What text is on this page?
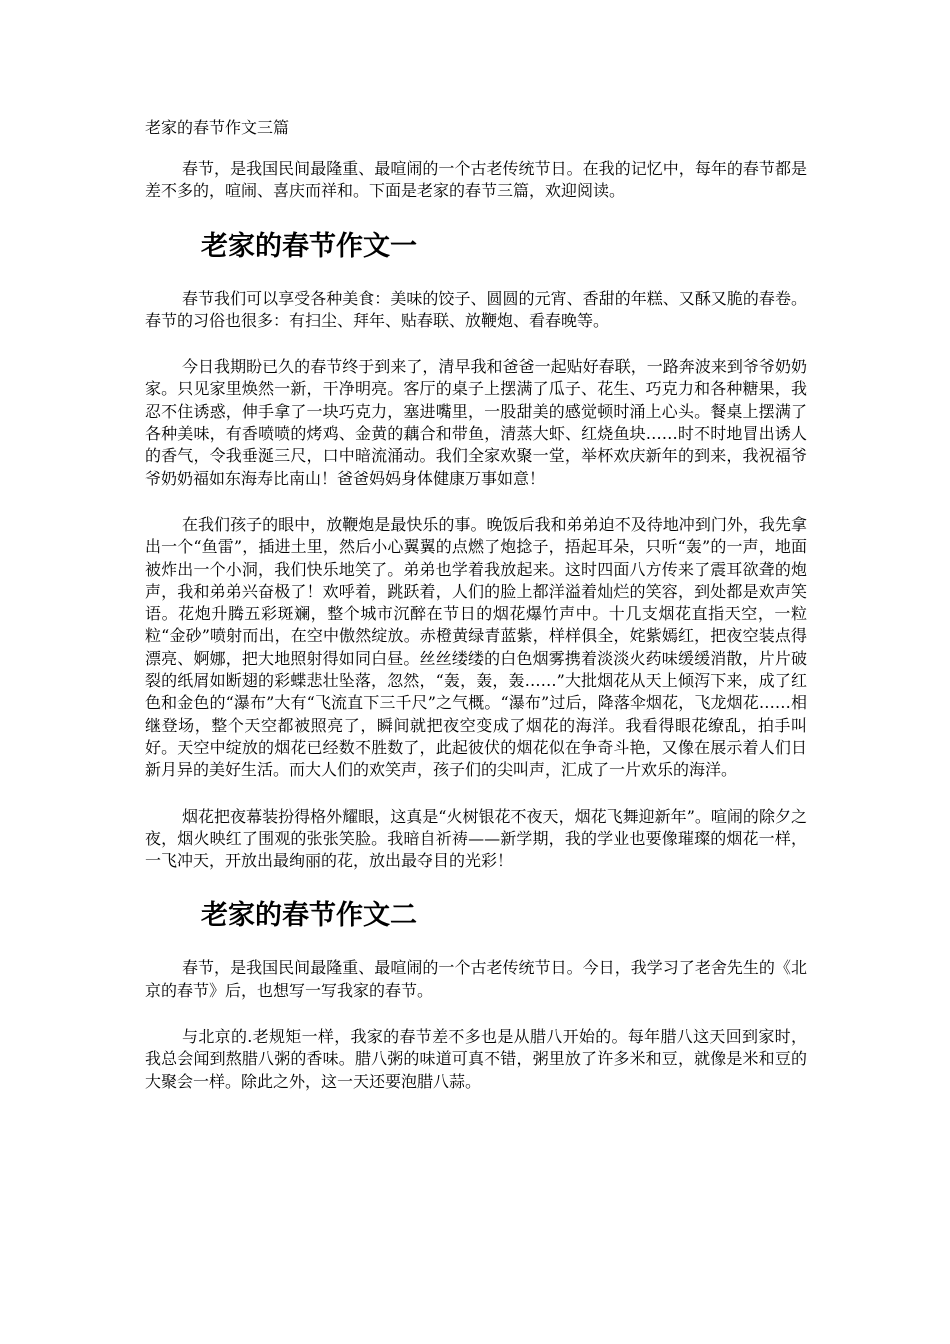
老家的春节作文三篇

春节，是我国民间最隆重、最喧闹的一个古老传统节日。在我的记忆中，每年的春节都是差不多的，喧闹、喜庆而祥和。下面是老家的春节三篇，欢迎阅读。

老家的春节作文一

春节我们可以享受各种美食：美味的饺子、圆圆的元宵、香甜的年糕、又酥又脆的春卷。春节的习俗也很多：有扫尘、拜年、贴春联、放鞭炮、看春晚等。

今日我期盼已久的春节终于到来了，清早我和爸爸一起贴好春联，一路奔波来到爷爷奶奶家。只见家里焕然一新，干净明亮。客厅的桌子上摆满了瓜子、花生、巧克力和各种糖果，我忍不住诱惑，伸手拿了一块巧克力，塞进嘴里，一股甜美的感觉顿时涌上心头。餐桌上摆满了各种美味，有香喷喷的烤鸡、金黄的藕合和带鱼，清蒸大虾、红烧鱼块……时不时地冒出诱人的香气，令我垂涎三尺，口中暗流涌动。我们全家欢聚一堂，举杯欢庆新年的到来，我祝福爷爷奶奶福如东海寿比南山！爸爸妈妈身体健康万事如意！

在我们孩子的眼中，放鞭炮是最快乐的事。晚饭后我和弟弟迫不及待地冲到门外，我先拿出一个“鱼雷”，插进土里，然后小心翼翼的点燃了炮捻子，捂起耳朵，只听“轰”的一声，地面被炸出一个小洞，我们快乐地笑了。弟弟也学着我放起来。这时四面八方传来了震耳欲聋的炮声，我和弟弟兴奋极了！欢呼着，跳跃着，人们的脸上都洋溢着灿烂的笑容，到处都是欢声笑语。花炮升腾五彩斑斓，整个城市沉醉在节日的烟花爆竹声中。十几支烟花直指天空，一粒粒“金砂”喷射而出，在空中傲然绽放。赤橙黄绿青蓝紫，样样俱全，姹紫嫣红，把夜空装点得漂亮、婀娜，把大地照射得如同白昼。丝丝缕缕的白色烟雾携着淡淡火药味缓缓消散，片片破裂的纸屑如断翅的彩蝶悲壮坠落，忽然，“轰，轰，轰……”大批烟花从天上倾泻下来，成了红色和金色的“瀑布”大有“飞流直下三千尺”之气概。“瀑布”过后，降落伞烟花，飞龙烟花……相继登场，整个天空都被照亮了，瞬间就把夜空变成了烟花的海洋。我看得眼花缭乱，拍手叫好。天空中绽放的烟花已经数不胜数了，此起彼伏的烟花似在争奇斗艳，又像在展示着人们日新月异的美好生活。而大人们的欢笑声，孩子们的尖叫声，汇成了一片欢乐的海洋。

烟花把夜幕装扮得格外耀眼，这真是“火树银花不夜天，烟花飞舞迎新年”。喧闹的除夕之夜，烟火映红了围观的张张笑脸。我暗自祈祷——新学期，我的学业也要像璀璨的烟花一样，一飞冲天，开放出最绚丽的花，放出最夺目的光彩！

老家的春节作文二

春节，是我国民间最隆重、最喧闹的一个古老传统节日。今日，我学习了老舍先生的《北京的春节》后，也想写一写我家的春节。

与北京的.老规矩一样，我家的春节差不多也是从腊八开始的。每年腊八这天回到家时，我总会闻到熬腊八粥的香味。腊八粥的味道可真不错，粥里放了许多米和豆，就像是米和豆的大聚会一样。除此之外，这一天还要泡腊八蒜。
